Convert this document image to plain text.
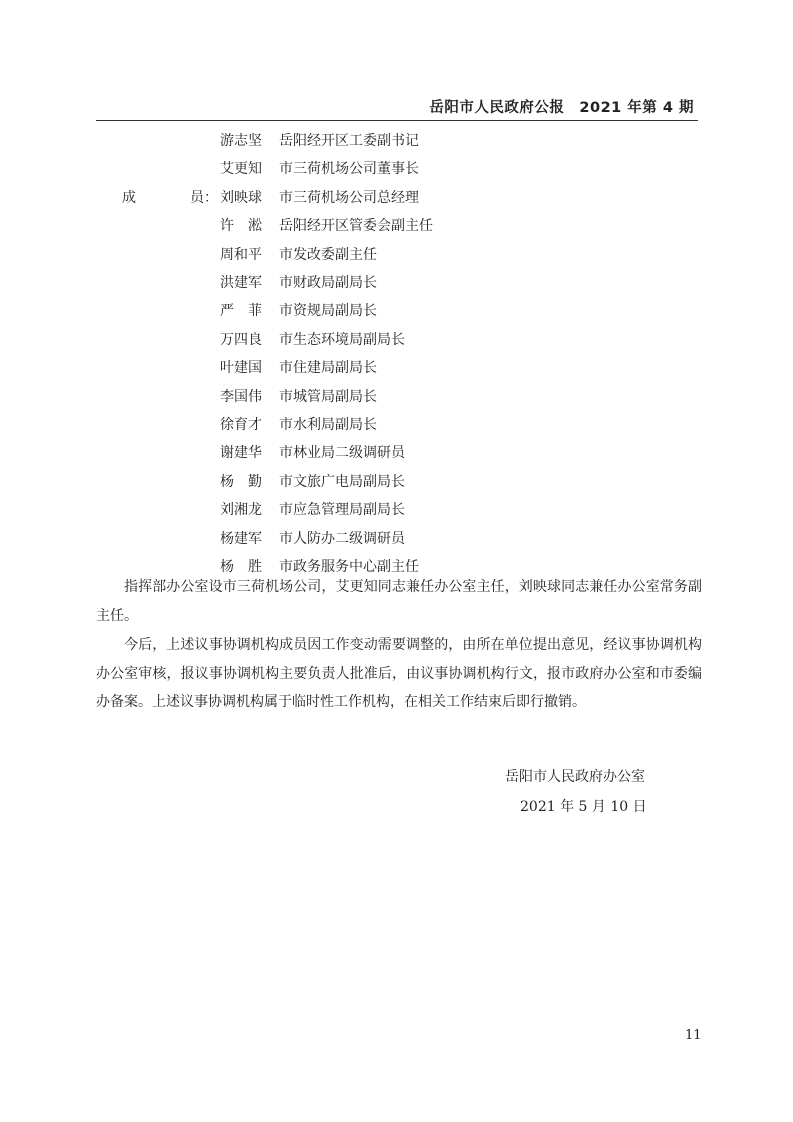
岳阳市人民政府公报　2021 年第 4 期
游志坚	岳阳经开区工委副书记
艾更知	市三荷机场公司董事长
成	员： 刘映球	市三荷机场公司总经理
许　淞	岳阳经开区管委会副主任
周和平	市发改委副主任
洪建军	市财政局副局长
严　菲	市资规局副局长
万四良	市生态环境局副局长
叶建国	市住建局副局长
李国伟	市城管局副局长
徐育才	市水利局副局长
谢建华	市林业局二级调研员
杨　勤	市文旅广电局副局长
刘湘龙	市应急管理局副局长
杨建军	市人防办二级调研员
杨　胜	市政务服务中心副主任

指挥部办公室设市三荷机场公司，艾更知同志兼任办公室主任，刘映球同志兼任办公室常务副主任。

今后，上述议事协调机构成员因工作变动需要调整的，由所在单位提出意见，经议事协调机构办公室审核，报议事协调机构主要负责人批准后，由议事协调机构行文，报市政府办公室和市委编办备案。上述议事协调机构属于临时性工作机构，在相关工作结束后即行撤销。

岳阳市人民政府办公室
2021 年 5 月 10 日
11
